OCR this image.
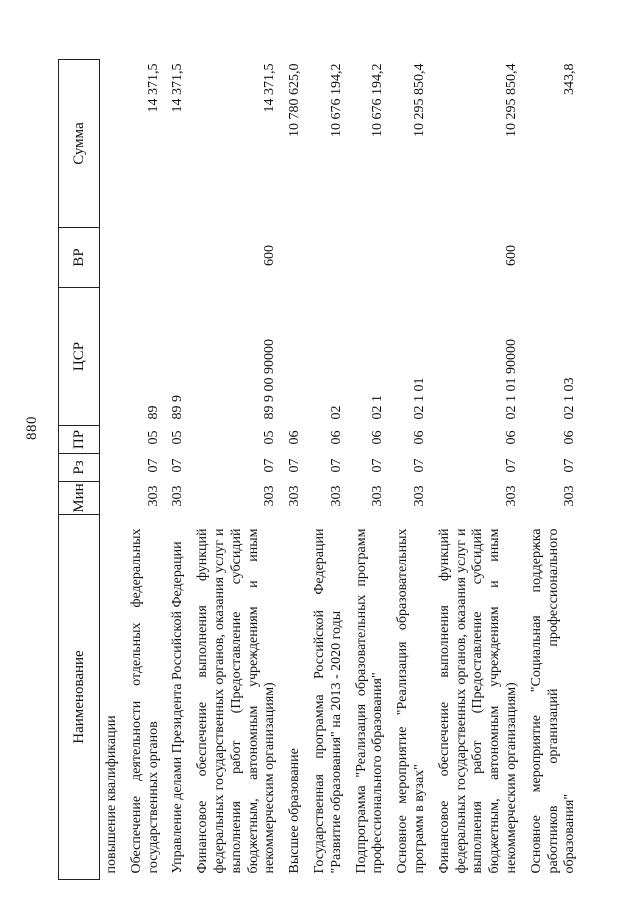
880
Наименование	Мин	Рз	ПР	ЦСР	ВР	Сумма
повышение квалификации						
Обеспечение деятельности отдельных федеральных государственных органов	303	07	05	89		14 371,5
Управление делами Президента Российской Федерации	303	07	05	89 9		14 371,5
Финансовое обеспечение выполнения функций федеральных государственных органов, оказания услуг и выполнения работ (Предоставление субсидий бюджетным, автономным учреждениям и иным некоммерческим организациям)	303	07	05	89 9 00 90000	600	14 371,5
Высшее образование	303	07	06			10 780 625,0
Государственная программа Российской Федерации "Развитие образования" на 2013 - 2020 годы	303	07	06	02		10 676 194,2
Подпрограмма "Реализация образовательных программ профессионального образования"	303	07	06	02 1		10 676 194,2
Основное мероприятие "Реализация образовательных программ в вузах"	303	07	06	02 1 01		10 295 850,4
Финансовое обеспечение выполнения функций федеральных государственных органов, оказания услуг и выполнения работ (Предоставление субсидий бюджетным, автономным учреждениям и иным некоммерческим организациям)	303	07	06	02 1 01 90000	600	10 295 850,4
Основное мероприятие "Социальная поддержка работников организаций профессионального образования"	303	07	06	02 1 03		343,8
